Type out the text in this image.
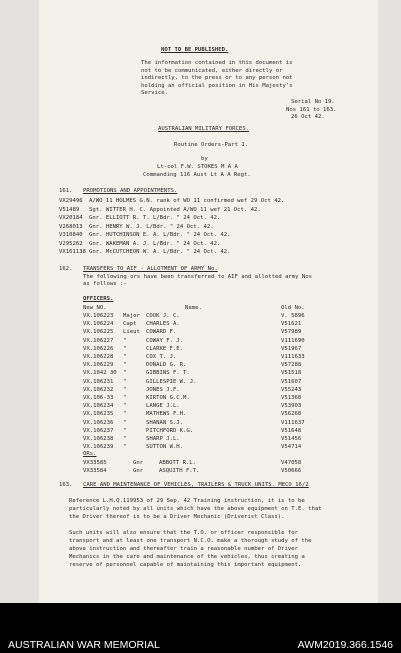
NOT TO BE PUBLISHED.
The information contained in this document is
not to be communicated, either directly or
indirectly, to the press or to any person not
holding an official position in His Majesty's
Service.
Serial No 19.
Nos 161 to 163.
26 Oct 42.
AUSTRALIAN MILITARY FORCES.
Routine Orders-Part 1.
by
Lt-col F.W. STOKES M A A
Commanding 116 Aust Lt A A Regt.
161. PROMOTIONS AND APPOINTMENTS.
VX29496 A/WO 11 HOLMES G.N. rank of WO 11 confirmed wef 29 Oct 42.
V51489 Sgt. WITTER H. C. Appointed A/WO 11 wef 21 Oct. 42.
VX20184 Gnr. ELLIOTT R. T. L/Bdr. " 24 Oct. 42.
V268013 Gnr. HENRY W. J. L/Bdr. " 24 Oct. 42.
V310840 Gnr. HUTCHINSON E. A. L/Bdr. " 24 Oct. 42.
V295262 Gnr. WAKEMAN A. J. L/Bdr. " 24 Oct. 42.
VX161138 Gnr. McCUTCHEON W. A. L/Bdr. " 24 Oct. 42.
162. TRANSFERS TO AIF - ALLOTMENT OF ARMY No.
The following ors have been transferred to AIF and allotted army Nos
as follows :-
OFFICERS.
New NO.	Name.	Old No.
VX.106223 Major COOK J. C.	V. 5896
VX.106224 Capt CHARLES A.	V51621
VX.106225 Lieut COWARD F.	V57989
VX.106227 "	COWAY F. J.	V111690
VX.106226 "	CLARKE F.E.	V51967
VX.106228 "	COX T. J.	V111633
VX.106229 "	DONALD G. R.	V57288
VX.1042 30 "	GIBBINS F. T.	V51518
VX.106231 "	GILLESPIE W. J.	V51607
VX.106232 "	JONES J.F.	V55243
VX.106-33 "	KIRTON G.C.M.	V51360
VX.106234 "	LANGE J.L.	V53903
VX.106235 "	MATHEWS F.H.	V56260
VX.106236 "	SHANAN S.J.	V111637
VX.106237 "	PITCHFORD K.G.	V51648
VX.106238 "	SHARP J.L.	V51456
VX.106239 "	SUTTON W.H.	V54714
ORs.
VX33585	Gnr	ABBOTT R.L.	V47058
VX33584	Gnr	ASQUITH F.T.	V50666
163. CARE AND MAINTENANCE OF VEHICLES, TRAILERS & TRUCK UNITS. MECO 16/2
Reference L.H.Q.119953 of 29 Sep. 42 Training instruction, it is to be
particularly noted by all units which have the above equipment on T.E. that
the Driver thereof is to be a Driver Mechanic (Driverist Class).
Such units will also ensure that the T.O. or officer responsible for
transport and at least one transport N.C.O. make a thorough study of the
above instruction and thereafter train a reasonable number of Driver
Mechanics in the care and maintenance of the vehicles, thus creating a
reserve of personnel capable of maintaining this important equipment.
AUSTRALIAN WAR MEMORIAL	AWM2019.366.1546
